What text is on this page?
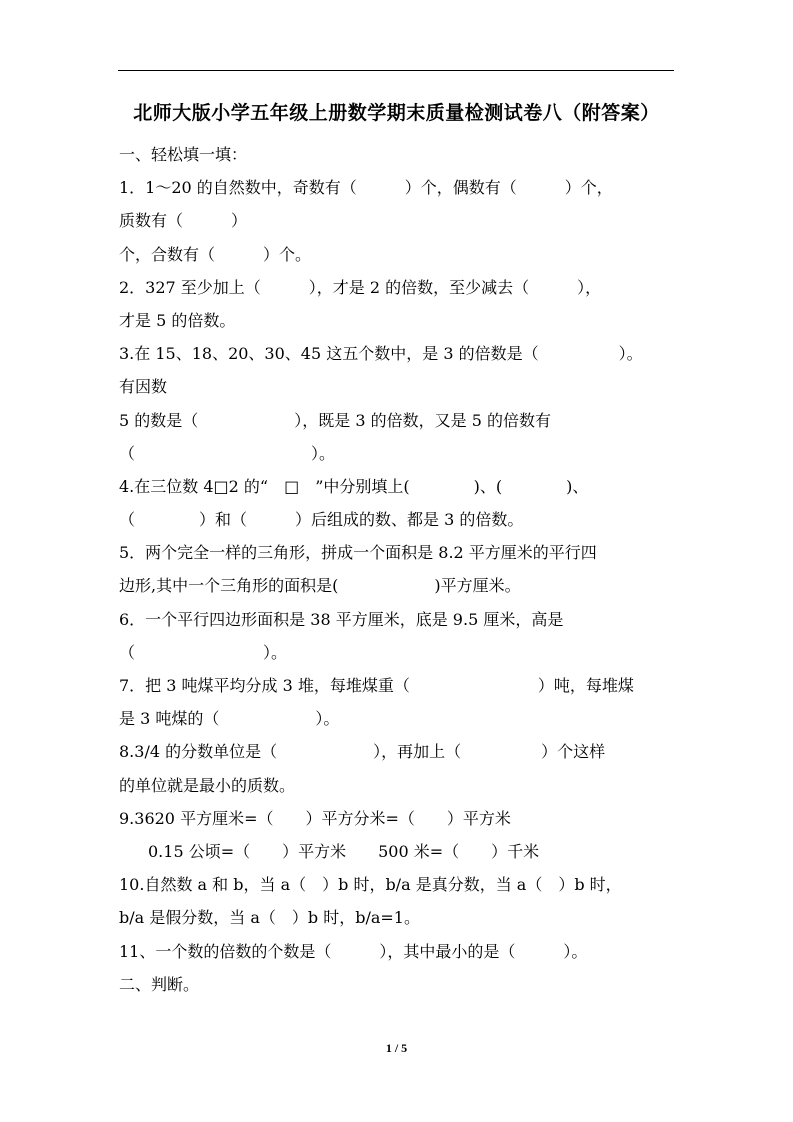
北师大版小学五年级上册数学期末质量检测试卷八（附答案）
一、轻松填一填：
1．1～20 的自然数中，奇数有（　　　）个，偶数有（　　　）个，
质数有（　　　）
个，合数有（　　　）个。
2．327 至少加上（　　　），才是 2 的倍数，至少减去（　　　），
才是 5 的倍数。
3.在 15、18、20、30、45 这五个数中，是 3 的倍数是（　　　　　）。
有因数
5 的数是（　　　　　　），既是 3 的倍数，又是 5 的倍数有
（　　　　　　　　　　　）。
4.在三位数 4□2 的“　□　”中分别填上(　　　　)、(　　　　)、
（　　　　）和（　　　）后组成的数、都是 3 的倍数。
5．两个完全一样的三角形，拼成一个面积是 8.2 平方厘米的平行四
边形,其中一个三角形的面积是(　　　　　　)平方厘米。
6．一个平行四边形面积是 38 平方厘米，底是 9.5 厘米，高是
（　　　　　　　　）。
7．把 3 吨煤平均分成 3 堆，每堆煤重（　　　　　　　　）吨，每堆煤
是 3 吨煤的（　　　　　　）。
8.3/4 的分数单位是（　　　　　　），再加上（　　　　　）个这样
的单位就是最小的质数。
9.3620 平方厘米=（　　）平方分米=（　　）平方米
0.15 公顷=（　　）平方米　　500 米=（　　）千米
10.自然数 a 和 b，当 a（　）b 时，b/a 是真分数，当 a（　）b 时，
b/a 是假分数，当 a（　）b 时，b/a=1。
11、一个数的倍数的个数是（　　　），其中最小的是（　　　）。
二、判断。
1 / 5
